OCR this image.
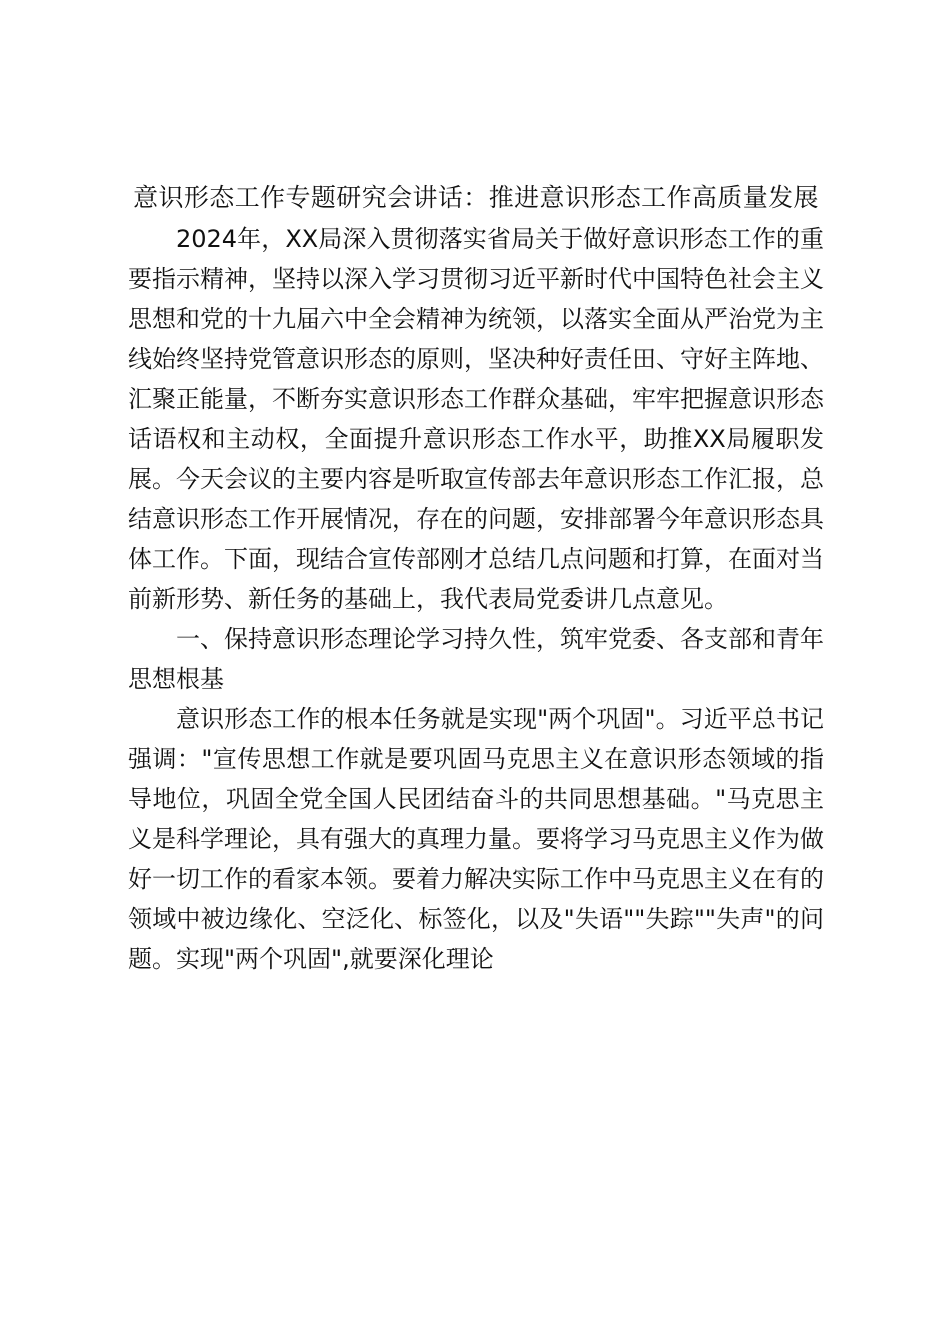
意识形态工作专题研究会讲话：推进意识形态工作高质量发展

2024年，XX局深入贯彻落实省局关于做好意识形态工作的重要指示精神，坚持以深入学习贯彻习近平新时代中国特色社会主义思想和党的十九届六中全会精神为统领，以落实全面从严治党为主线始终坚持党管意识形态的原则，坚决种好责任田、守好主阵地、汇聚正能量，不断夯实意识形态工作群众基础，牢牢把握意识形态话语权和主动权，全面提升意识形态工作水平，助推XX局履职发展。今天会议的主要内容是听取宣传部去年意识形态工作汇报，总结意识形态工作开展情况，存在的问题，安排部署今年意识形态具体工作。下面，现结合宣传部刚才总结几点问题和打算，在面对当前新形势、新任务的基础上，我代表局党委讲几点意见。

一、保持意识形态理论学习持久性，筑牢党委、各支部和青年思想根基

意识形态工作的根本任务就是实现"两个巩固"。习近平总书记强调："宣传思想工作就是要巩固马克思主义在意识形态领域的指导地位，巩固全党全国人民团结奋斗的共同思想基础。"马克思主义是科学理论，具有强大的真理力量。要将学习马克思主义作为做好一切工作的看家本领。要着力解决实际工作中马克思主义在有的领域中被边缘化、空泛化、标签化，以及"失语""失踪""失声"的问题。实现"两个巩固",就要深化理论
